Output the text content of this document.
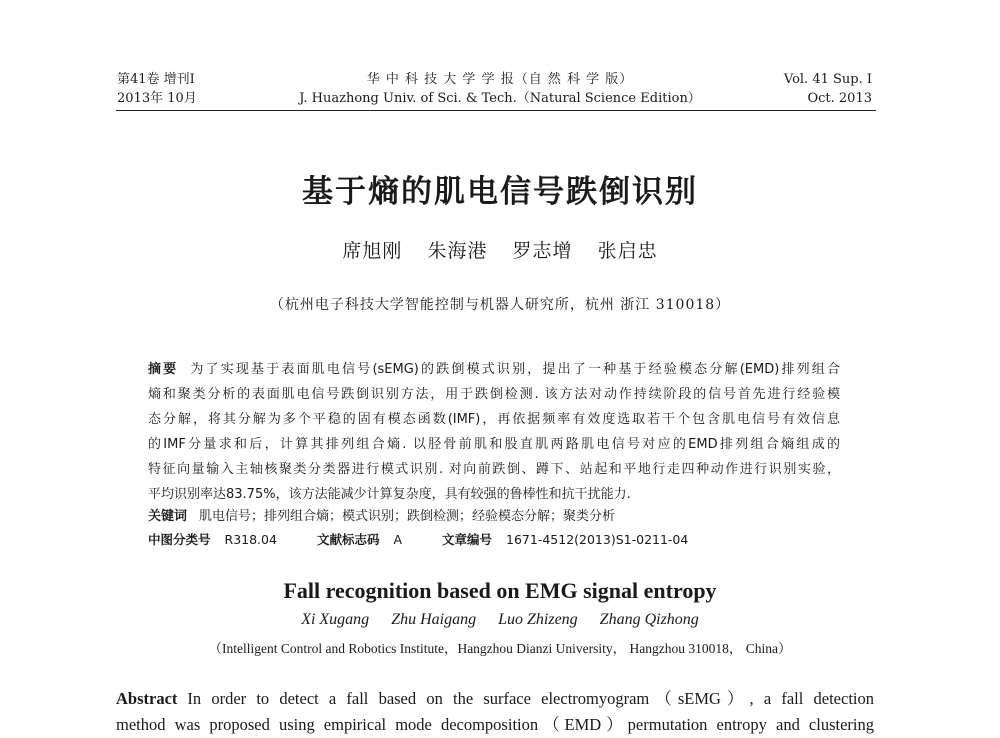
第41卷 增刊Ⅰ
2013年 10月
华 中 科 技 大 学 学 报（自 然 科 学 版）
J. Huazhong Univ. of Sci. & Tech.（Natural Science Edition）
Vol. 41 Sup. Ⅰ
Oct. 2013
基于熵的肌电信号跌倒识别
席旭刚 朱海港 罗志增 张启忠
（杭州电子科技大学智能控制与机器人研究所，杭州 浙江 310018）
摘要 为了实现基于表面肌电信号(sEMG)的跌倒模式识别，提出了一种基于经验模态分解(EMD)排列组合
熵和聚类分析的表面肌电信号跌倒识别方法，用于跌倒检测. 该方法对动作持续阶段的信号首先进行经验模
态分解，将其分解为多个平稳的固有模态函数(IMF)，再依据频率有效度选取若干个包含肌电信号有效信息
的IMF分量求和后，计算其排列组合熵. 以胫骨前肌和股直肌两路肌电信号对应的EMD排列组合熵组成的
特征向量输入主轴核聚类分类器进行模式识别. 对向前跌倒、蹲下、站起和平地行走四种动作进行识别实验，
平均识别率达83.75%，该方法能减少计算复杂度，具有较强的鲁棒性和抗干扰能力.
关键词 肌电信号；排列组合熵；模式识别；跌倒检测；经验模态分解；聚类分析
中图分类号 R318.04	文献标志码 A	文章编号 1671-4512(2013)S1-0211-04
Fall recognition based on EMG signal entropy
Xi Xugang Zhu Haigang Luo Zhizeng Zhang Qizhong
（Intelligent Control and Robotics Institute，Hangzhou Dianzi University， Hangzhou 310018， China）
Abstract In order to detect a fall based on the surface electromyogram（sEMG）, a fall detection
method was proposed using empirical mode decomposition（EMD）permutation entropy and clustering
